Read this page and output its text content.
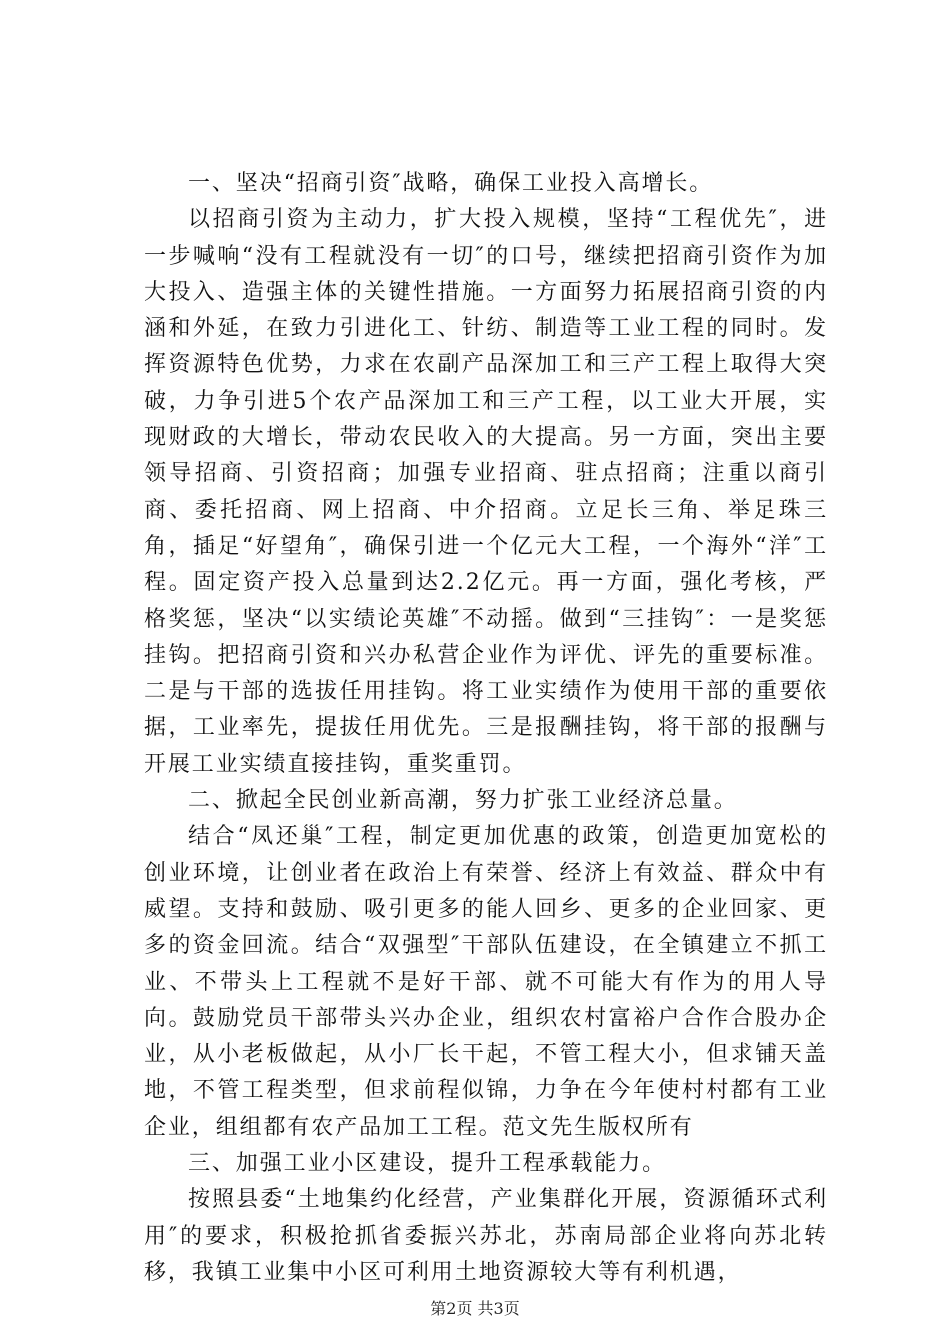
一、坚决“招商引资″战略，确保工业投入高增长。

以招商引资为主动力，扩大投入规模，坚持“工程优先″，进一步喊响“没有工程就没有一切″的口号，继续把招商引资作为加大投入、造强主体的关键性措施。一方面努力拓展招商引资的内涵和外延，在致力引进化工、针纺、制造等工业工程的同时。发挥资源特色优势，力求在农副产品深加工和三产工程上取得大突破，力争引进5个农产品深加工和三产工程，以工业大开展，实现财政的大增长，带动农民收入的大提高。另一方面，突出主要领导招商、引资招商；加强专业招商、驻点招商；注重以商引商、委托招商、网上招商、中介招商。立足长三角、举足珠三角，插足“好望角″，确保引进一个亿元大工程，一个海外“洋″工程。固定资产投入总量到达2.2亿元。再一方面，强化考核，严格奖惩，坚决“以实绩论英雄″不动摇。做到“三挂钩″：一是奖惩挂钩。把招商引资和兴办私营企业作为评优、评先的重要标准。二是与干部的选拔任用挂钩。将工业实绩作为使用干部的重要依据，工业率先，提拔任用优先。三是报酬挂钩，将干部的报酬与开展工业实绩直接挂钩，重奖重罚。

二、掀起全民创业新高潮，努力扩张工业经济总量。

结合“凤还巢″工程，制定更加优惠的政策，创造更加宽松的创业环境，让创业者在政治上有荣誉、经济上有效益、群众中有威望。支持和鼓励、吸引更多的能人回乡、更多的企业回家、更多的资金回流。结合“双强型″干部队伍建设，在全镇建立不抓工业、不带头上工程就不是好干部、就不可能大有作为的用人导向。鼓励党员干部带头兴办企业，组织农村富裕户合作合股办企业，从小老板做起，从小厂长干起，不管工程大小，但求铺天盖地，不管工程类型，但求前程似锦，力争在今年使村村都有工业企业，组组都有农产品加工工程。范文先生版权所有

三、加强工业小区建设，提升工程承载能力。

按照县委“土地集约化经营，产业集群化开展，资源循环式利用″的要求，积极抢抓省委振兴苏北，苏南局部企业将向苏北转移，我镇工业集中小区可利用土地资源较大等有利机遇，

第2页 共3页
